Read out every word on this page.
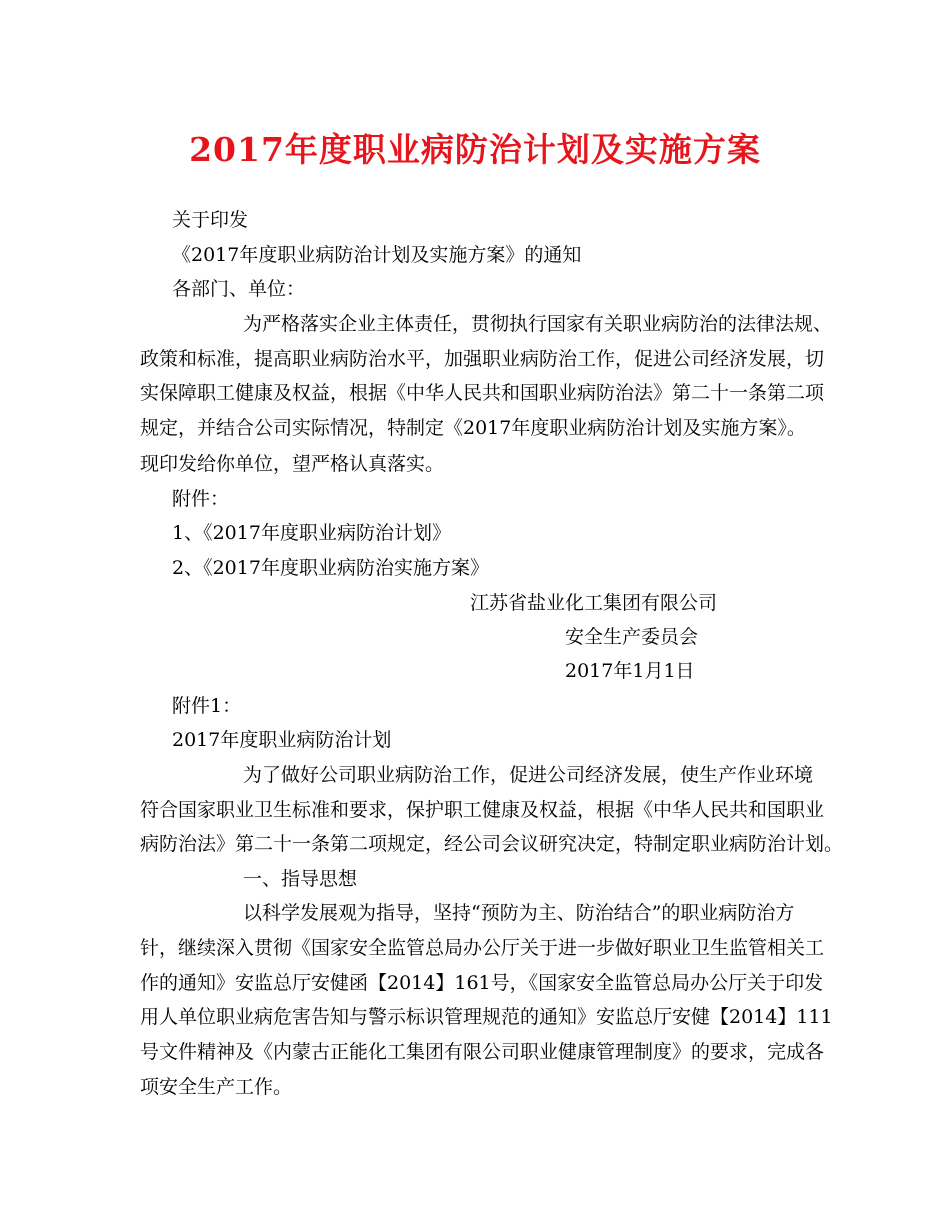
2017年度职业病防治计划及实施方案
关于印发
《2017年度职业病防治计划及实施方案》的通知
各部门、单位：
为严格落实企业主体责任，贯彻执行国家有关职业病防治的法律法规、
政策和标准，提高职业病防治水平，加强职业病防治工作，促进公司经济发展，切
实保障职工健康及权益，根据《中华人民共和国职业病防治法》第二十一条第二项
规定，并结合公司实际情况，特制定《2017年度职业病防治计划及实施方案》。
现印发给你单位，望严格认真落实。
附件：
1、《2017年度职业病防治计划》
2、《2017年度职业病防治实施方案》
江苏省盐业化工集团有限公司
安全生产委员会
2017年1月1日
附件1：
2017年度职业病防治计划
为了做好公司职业病防治工作，促进公司经济发展，使生产作业环境
符合国家职业卫生标准和要求，保护职工健康及权益，根据《中华人民共和国职业
病防治法》第二十一条第二项规定，经公司会议研究决定，特制定职业病防治计划。
一、指导思想
以科学发展观为指导，坚持“预防为主、防治结合”的职业病防治方
针，继续深入贯彻《国家安全监管总局办公厅关于进一步做好职业卫生监管相关工
作的通知》安监总厅安健函【2014】161号，《国家安全监管总局办公厅关于印发
用人单位职业病危害告知与警示标识管理规范的通知》安监总厅安健【2014】111
号文件精神及《内蒙古正能化工集团有限公司职业健康管理制度》的要求，完成各
项安全生产工作。
